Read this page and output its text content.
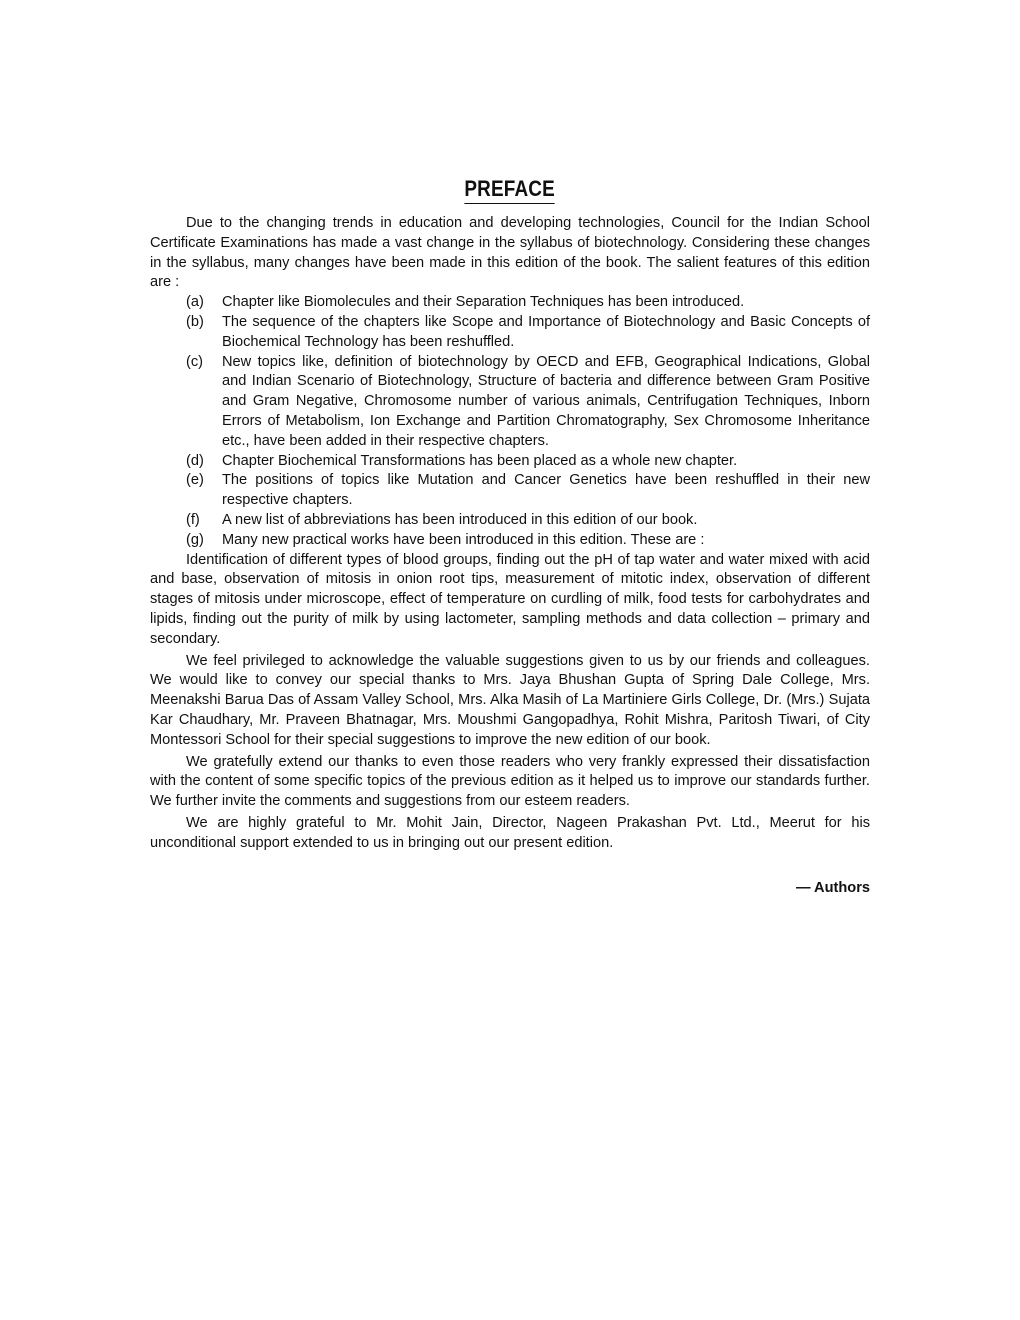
PREFACE

Due to the changing trends in education and developing technologies, Council for the Indian School Certificate Examinations has made a vast change in the syllabus of biotechnology. Considering these changes in the syllabus, many changes have been made in this edition of the book. The salient features of this edition are :

(a) Chapter like Biomolecules and their Separation Techniques has been introduced.
(b) The sequence of the chapters like Scope and Importance of Biotechnology and Basic Concepts of Biochemical Technology has been reshuffled.
(c) New topics like, definition of biotechnology by OECD and EFB, Geographical Indications, Global and Indian Scenario of Biotechnology, Structure of bacteria and difference between Gram Positive and Gram Negative, Chromosome number of various animals, Centrifugation Techniques, Inborn Errors of Metabolism, Ion Exchange and Partition Chromatography, Sex Chromosome Inheritance etc., have been added in their respective chapters.
(d) Chapter Biochemical Transformations has been placed as a whole new chapter.
(e) The positions of topics like Mutation and Cancer Genetics have been reshuffled in their new respective chapters.
(f) A new list of abbreviations has been introduced in this edition of our book.
(g) Many new practical works have been introduced in this edition. These are :

Identification of different types of blood groups, finding out the pH of tap water and water mixed with acid and base, observation of mitosis in onion root tips, measurement of mitotic index, observation of different stages of mitosis under microscope, effect of temperature on curdling of milk, food tests for carbohydrates and lipids, finding out the purity of milk by using lactometer, sampling methods and data collection – primary and secondary.

We feel privileged to acknowledge the valuable suggestions given to us by our friends and colleagues. We would like to convey our special thanks to Mrs. Jaya Bhushan Gupta of Spring Dale College, Mrs. Meenakshi Barua Das of Assam Valley School, Mrs. Alka Masih of La Martiniere Girls College, Dr. (Mrs.) Sujata Kar Chaudhary, Mr. Praveen Bhatnagar, Mrs. Moushmi Gangopadhya, Rohit Mishra, Paritosh Tiwari, of City Montessori School for their special suggestions to improve the new edition of our book.

We gratefully extend our thanks to even those readers who very frankly expressed their dissatisfaction with the content of some specific topics of the previous edition as it helped us to improve our standards further. We further invite the comments and suggestions from our esteem readers.

We are highly grateful to Mr. Mohit Jain, Director, Nageen Prakashan Pvt. Ltd., Meerut for his unconditional support extended to us in bringing out our present edition.

— Authors
